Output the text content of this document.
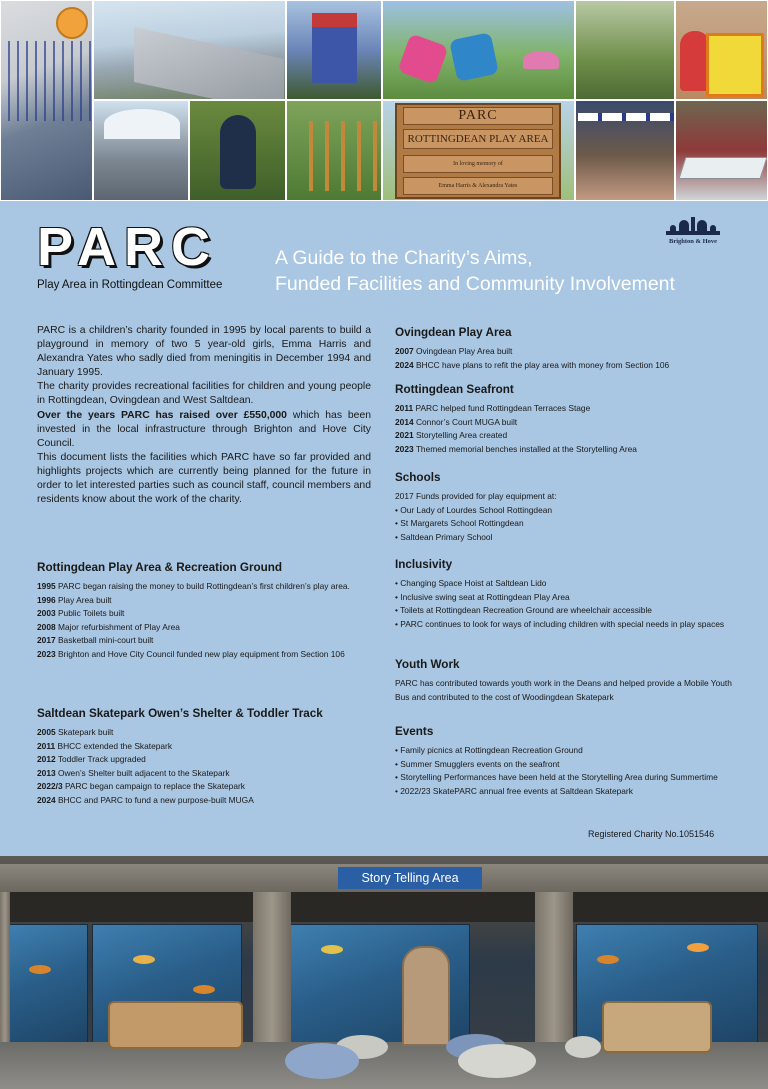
PARC
ROTTINGDEAN PLAY AREA
In loving memory of
Emma Harris & Alexandra Yates
PARC
Play Area in Rottingdean Committee
A Guide to the Charity’s Aims,
Funded Facilities and Community Involvement
Brighton & Hove

PARC is a children’s charity founded in 1995 by local parents to build a playground in memory of two 5 year-old girls, Emma Harris and Alexandra Yates who sadly died from meningitis in December 1994 and January 1995.

The charity provides recreational facilities for children and young people in Rottingdean, Ovingdean and West Saltdean.

Over the years PARC has raised over £550,000 which has been invested in the local infrastructure through Brighton and Hove City Council.

This document lists the facilities which PARC have so far provided and highlights projects which are currently being planned for the future in order to let interested parties such as council staff, council members and residents know about the work of the charity.

Rottingdean Play Area & Recreation Ground
1995 PARC began raising the money to build Rottingdean’s first children’s play area.
1996 Play Area built
2003 Public Toilets built
2008 Major refurbishment of Play Area
2017 Basketball mini-court built
2023 Brighton and Hove City Council funded new play equipment from Section 106
Saltdean Skatepark Owen’s Shelter & Toddler Track
2005 Skatepark built
2011 BHCC extended the Skatepark
2012 Toddler Track upgraded
2013 Owen’s Shelter built adjacent to the Skatepark
2022/3 PARC began campaign to replace the Skatepark
2024 BHCC and PARC to fund a new purpose-built MUGA
Ovingdean Play Area
2007 Ovingdean Play Area built
2024 BHCC have plans to refit the play area with money from Section 106
Rottingdean Seafront
2011 PARC helped fund Rottingdean Terraces Stage
2014 Connor’s Court MUGA built
2021 Storytelling Area created
2023 Themed memorial benches installed at the Storytelling Area
Schools
2017 Funds provided for play equipment at:
• Our Lady of Lourdes School Rottingdean
• St Margarets School Rottingdean
• Saltdean Primary School
Inclusivity
• Changing Space Hoist at Saltdean Lido
• Inclusive swing seat at Rottingdean Play Area
• Toilets at Rottingdean Recreation Ground are wheelchair accessible
• PARC continues to look for ways of including children with special needs in play spaces
Youth Work
PARC has contributed towards youth work in the Deans and helped provide a Mobile Youth Bus and contributed to the cost of Woodingdean Skatepark
Events
• Family picnics at Rottingdean Recreation Ground
• Summer Smugglers events on the seafront
• Storytelling Performances have been held at the Storytelling Area during Summertime
• 2022/23 SkatePARC annual free events at Saltdean Skatepark
Registered Charity No.1051546
Story Telling Area
